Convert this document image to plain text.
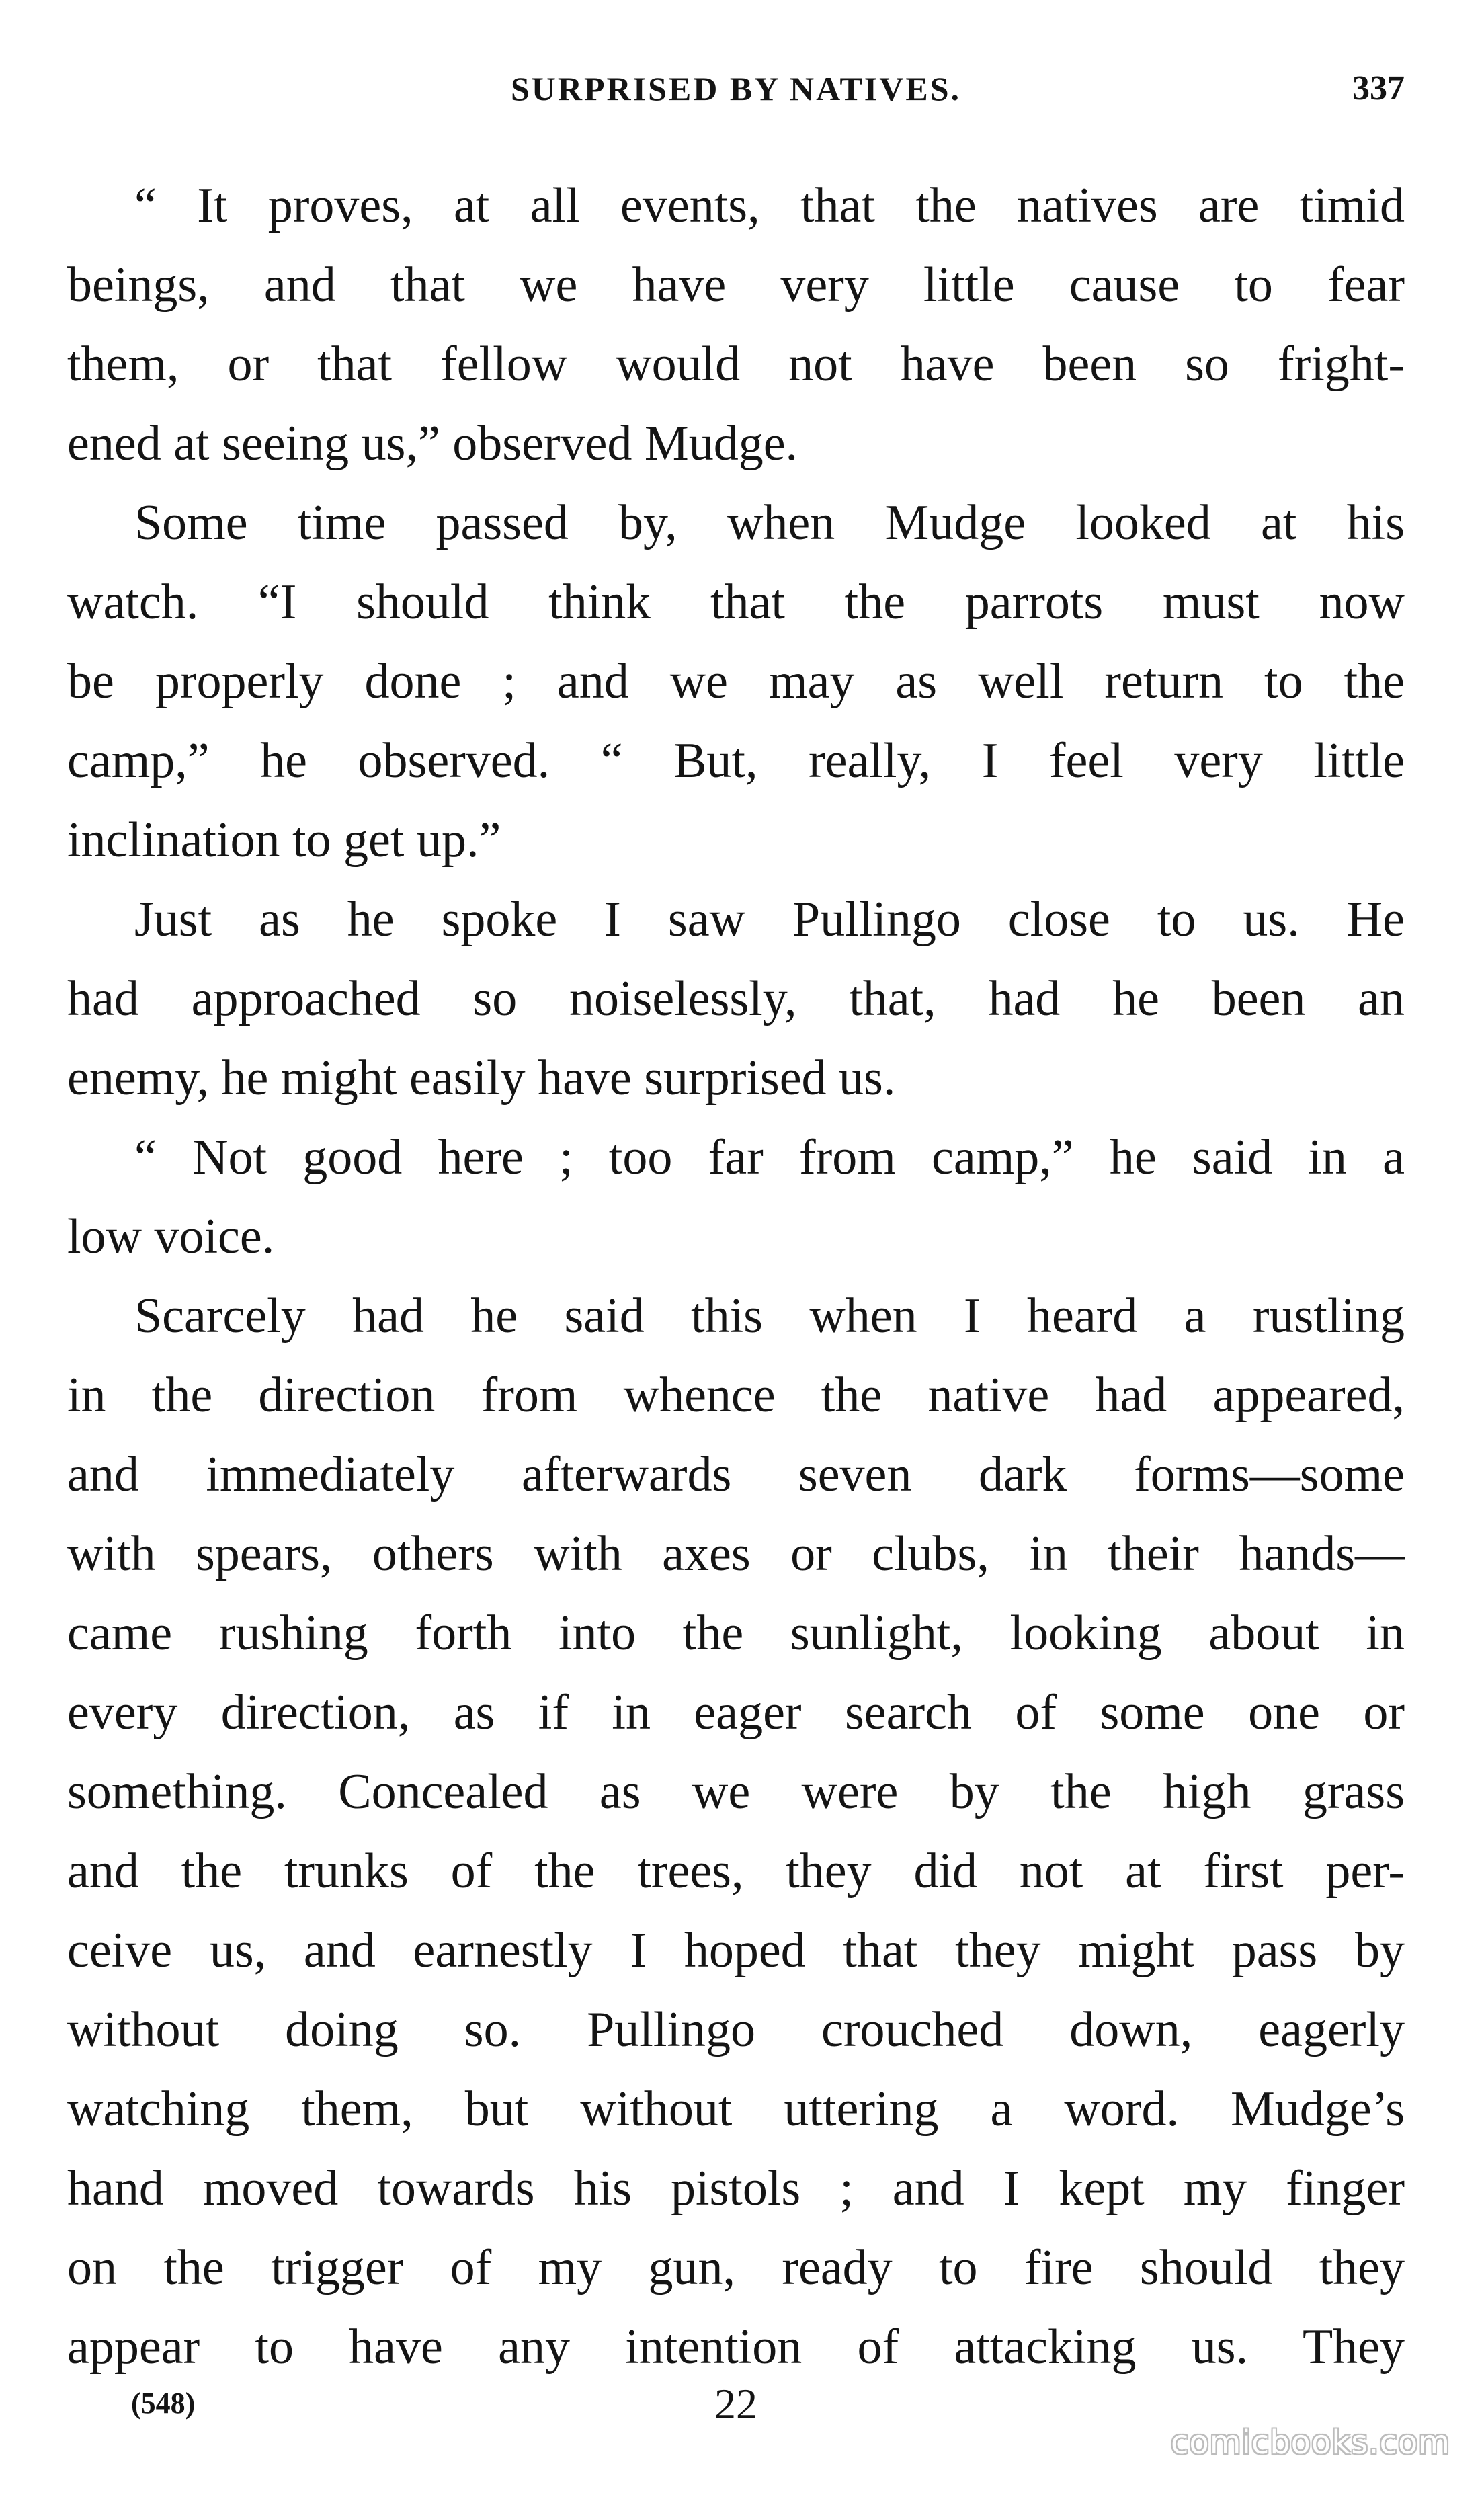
SURPRISED BY NATIVES.	337
“ It proves, at all events, that the natives are timid
beings, and that we have very little cause to fear
them, or that fellow would not have been so fright-
ened at seeing us,” observed Mudge.
Some time passed by, when Mudge looked at his
watch. “I should think that the parrots must now
be properly done ; and we may as well return to the
camp,” he observed. “ But, really, I feel very little
inclination to get up.”
Just as he spoke I saw Pullingo close to us. He
had approached so noiselessly, that, had he been an
enemy, he might easily have surprised us.
“ Not good here ; too far from camp,” he said in a
low voice.
Scarcely had he said this when I heard a rustling
in the direction from whence the native had appeared,
and immediately afterwards seven dark forms—some
with spears, others with axes or clubs, in their hands—
came rushing forth into the sunlight, looking about in
every direction, as if in eager search of some one or
something. Concealed as we were by the high grass
and the trunks of the trees, they did not at first per-
ceive us, and earnestly I hoped that they might pass by
without doing so. Pullingo crouched down, eagerly
watching them, but without uttering a word. Mudge’s
hand moved towards his pistols ; and I kept my finger
on the trigger of my gun, ready to fire should they
appear to have any intention of attacking us. They
(548)	22
comicbooks.com
